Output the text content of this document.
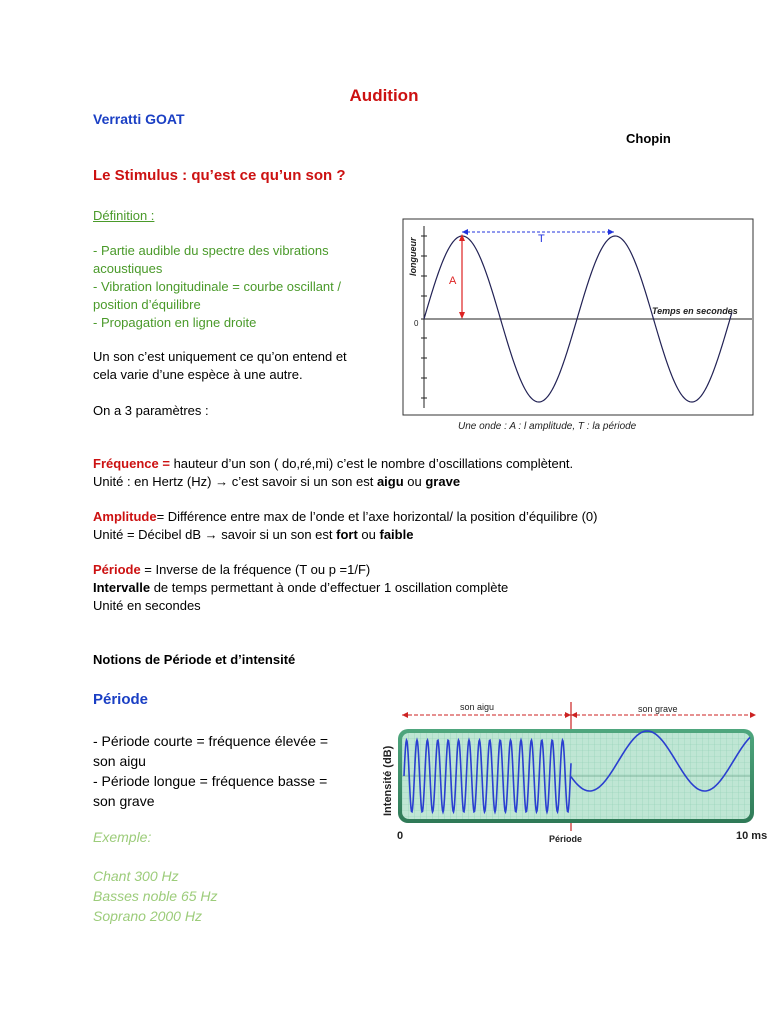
Audition
Verratti GOAT
Chopin
Le Stimulus : qu’est ce qu’un son ?
Définition :
- Partie audible du spectre des vibrations
acoustiques
- Vibration longitudinale = courbe oscillant /
position d’équilibre
- Propagation en ligne droite
Un son c’est uniquement ce qu’on entend et
cela varie d’une espèce à une autre.
On a 3 paramètres :
T
A
0
Temps en secondes
longueur
Une onde : A : l amplitude, T : la période
Fréquence = hauteur d’un son ( do,ré,mi) c’est le nombre d’oscillations complètent.
Unité : en Hertz (Hz) → c’est savoir si un son est aigu ou grave
Amplitude= Différence entre max de l’onde et l’axe horizontal/ la position d’équilibre (0)
Unité = Décibel dB → savoir si un son est fort ou faible
Période = Inverse de la fréquence (T ou p =1/F)
Intervalle de temps permettant à onde d’effectuer 1 oscillation complète
Unité en secondes
Notions de Période et d’intensité
Période
- Période courte = fréquence élevée =
son aigu
- Période longue = fréquence basse =
son grave
Exemple:
Chant 300 Hz
Basses noble 65 Hz
Soprano 2000 Hz
son aigu	son grave
Intensité (dB)
0	Période	10 ms
